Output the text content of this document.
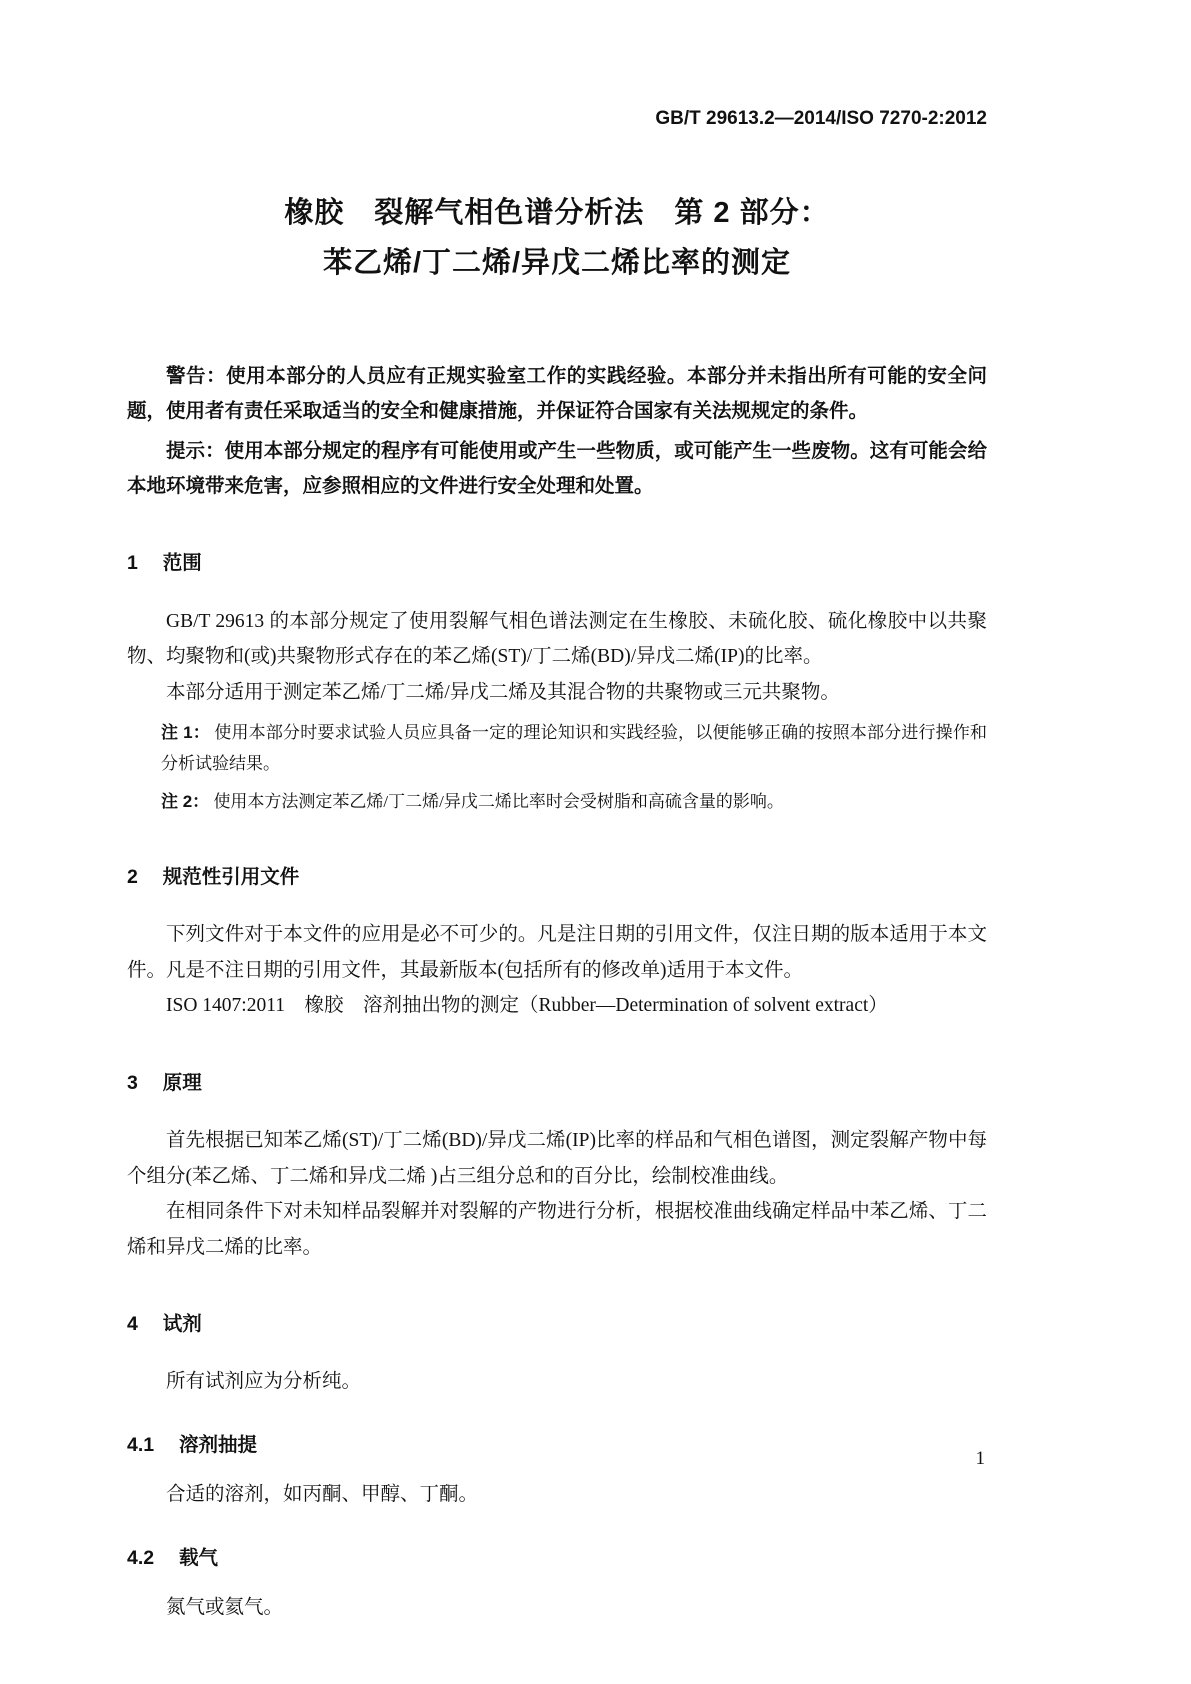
GB/T 29613.2—2014/ISO 7270-2:2012
橡胶　裂解气相色谱分析法　第 2 部分：
苯乙烯/丁二烯/异戊二烯比率的测定

警告：使用本部分的人员应有正规实验室工作的实践经验。本部分并未指出所有可能的安全问题，使用者有责任采取适当的安全和健康措施，并保证符合国家有关法规规定的条件。

提示：使用本部分规定的程序有可能使用或产生一些物质，或可能产生一些废物。这有可能会给本地环境带来危害，应参照相应的文件进行安全处理和处置。

1 范围

GB/T 29613 的本部分规定了使用裂解气相色谱法测定在生橡胶、未硫化胶、硫化橡胶中以共聚物、均聚物和(或)共聚物形式存在的苯乙烯(ST)/丁二烯(BD)/异戊二烯(IP)的比率。

本部分适用于测定苯乙烯/丁二烯/异戊二烯及其混合物的共聚物或三元共聚物。

注 1： 使用本部分时要求试验人员应具备一定的理论知识和实践经验，以便能够正确的按照本部分进行操作和分析试验结果。

注 2： 使用本方法测定苯乙烯/丁二烯/异戊二烯比率时会受树脂和高硫含量的影响。

2 规范性引用文件

下列文件对于本文件的应用是必不可少的。凡是注日期的引用文件，仅注日期的版本适用于本文件。凡是不注日期的引用文件，其最新版本(包括所有的修改单)适用于本文件。

ISO 1407:2011　橡胶　溶剂抽出物的测定（Rubber—Determination of solvent extract）

3 原理

首先根据已知苯乙烯(ST)/丁二烯(BD)/异戊二烯(IP)比率的样品和气相色谱图，测定裂解产物中每个组分(苯乙烯、丁二烯和异戊二烯 )占三组分总和的百分比，绘制校准曲线。

在相同条件下对未知样品裂解并对裂解的产物进行分析，根据校准曲线确定样品中苯乙烯、丁二烯和异戊二烯的比率。

4 试剂

所有试剂应为分析纯。

4.1 溶剂抽提

合适的溶剂，如丙酮、甲醇、丁酮。

4.2 载气

氮气或氦气。

1
